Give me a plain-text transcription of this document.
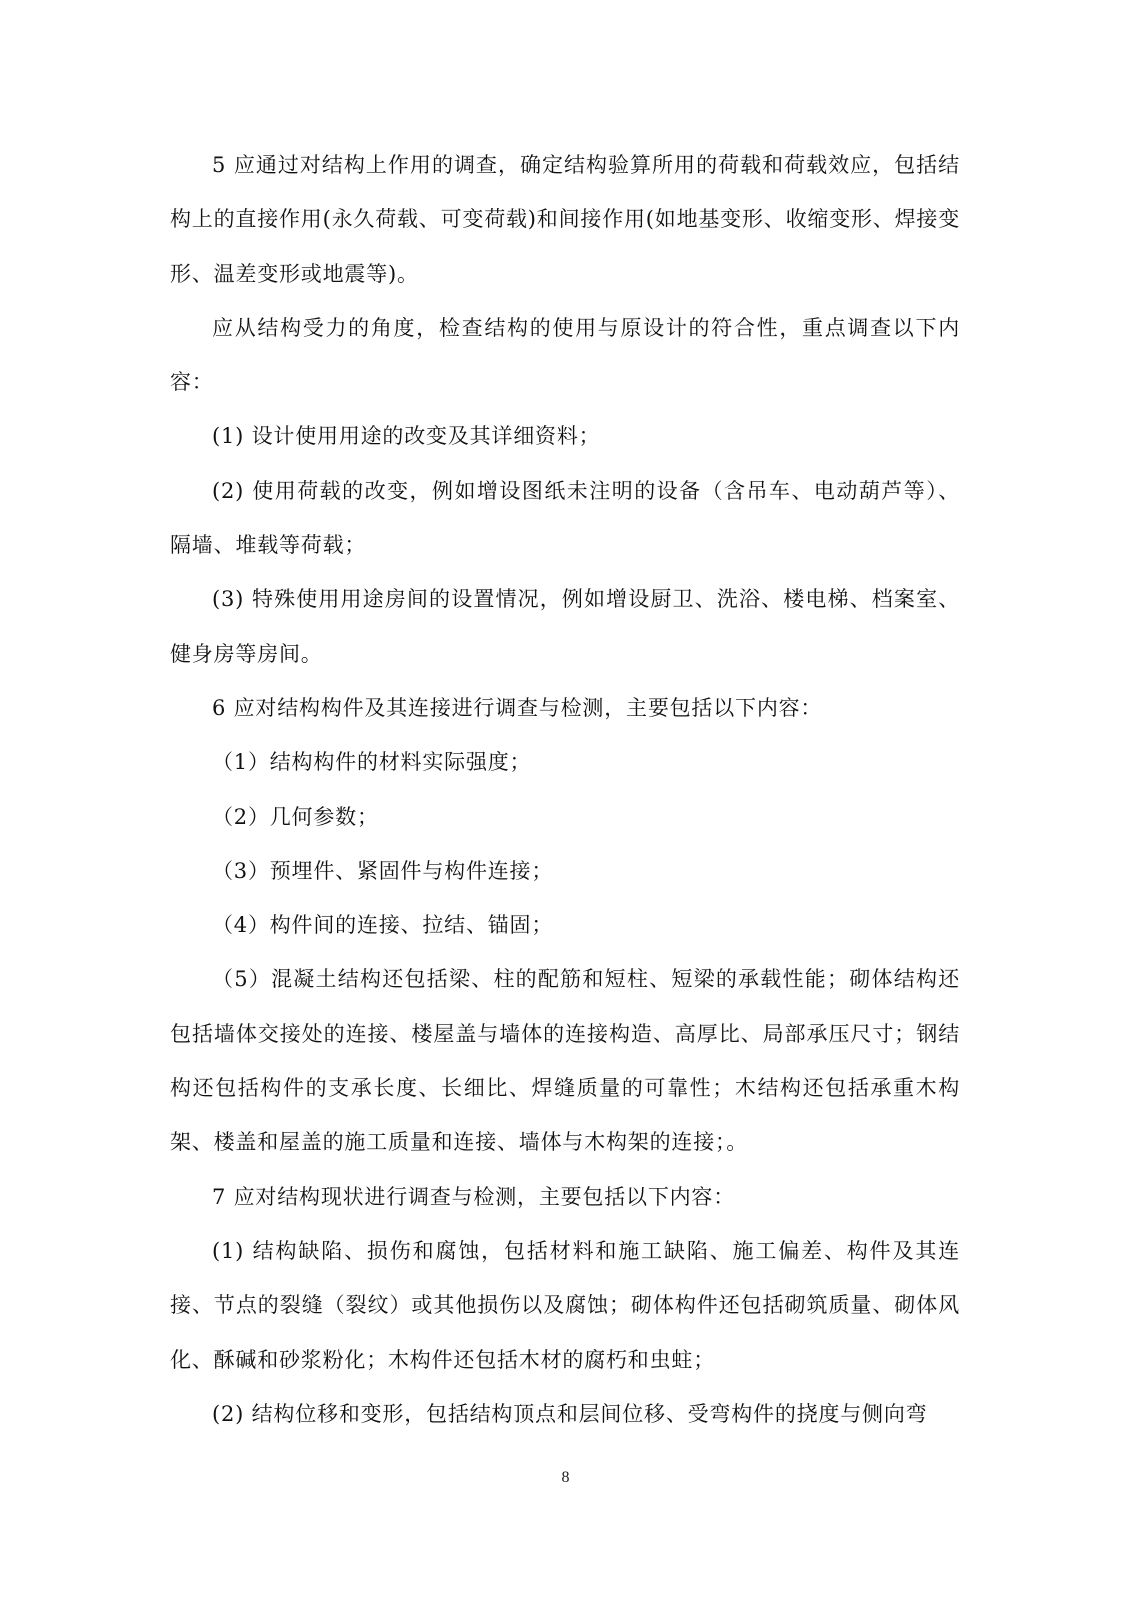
5 应通过对结构上作用的调查，确定结构验算所用的荷载和荷载效应，包括结构上的直接作用(永久荷载、可变荷载)和间接作用(如地基变形、收缩变形、焊接变形、温差变形或地震等)。

应从结构受力的角度，检查结构的使用与原设计的符合性，重点调查以下内容：

(1) 设计使用用途的改变及其详细资料；

(2) 使用荷载的改变，例如增设图纸未注明的设备（含吊车、电动葫芦等）、隔墙、堆载等荷载；

(3) 特殊使用用途房间的设置情况，例如增设厨卫、洗浴、楼电梯、档案室、健身房等房间。

6 应对结构构件及其连接进行调查与检测，主要包括以下内容：

（1）结构构件的材料实际强度；

（2）几何参数；

（3）预埋件、紧固件与构件连接；

（4）构件间的连接、拉结、锚固；

（5）混凝土结构还包括梁、柱的配筋和短柱、短梁的承载性能；砌体结构还包括墙体交接处的连接、楼屋盖与墙体的连接构造、高厚比、局部承压尺寸；钢结构还包括构件的支承长度、长细比、焊缝质量的可靠性；木结构还包括承重木构架、楼盖和屋盖的施工质量和连接、墙体与木构架的连接；。

7 应对结构现状进行调查与检测，主要包括以下内容：

(1) 结构缺陷、损伤和腐蚀，包括材料和施工缺陷、施工偏差、构件及其连接、节点的裂缝（裂纹）或其他损伤以及腐蚀；砌体构件还包括砌筑质量、砌体风化、酥碱和砂浆粉化；木构件还包括木材的腐朽和虫蛀；

(2) 结构位移和变形，包括结构顶点和层间位移、受弯构件的挠度与侧向弯

8
